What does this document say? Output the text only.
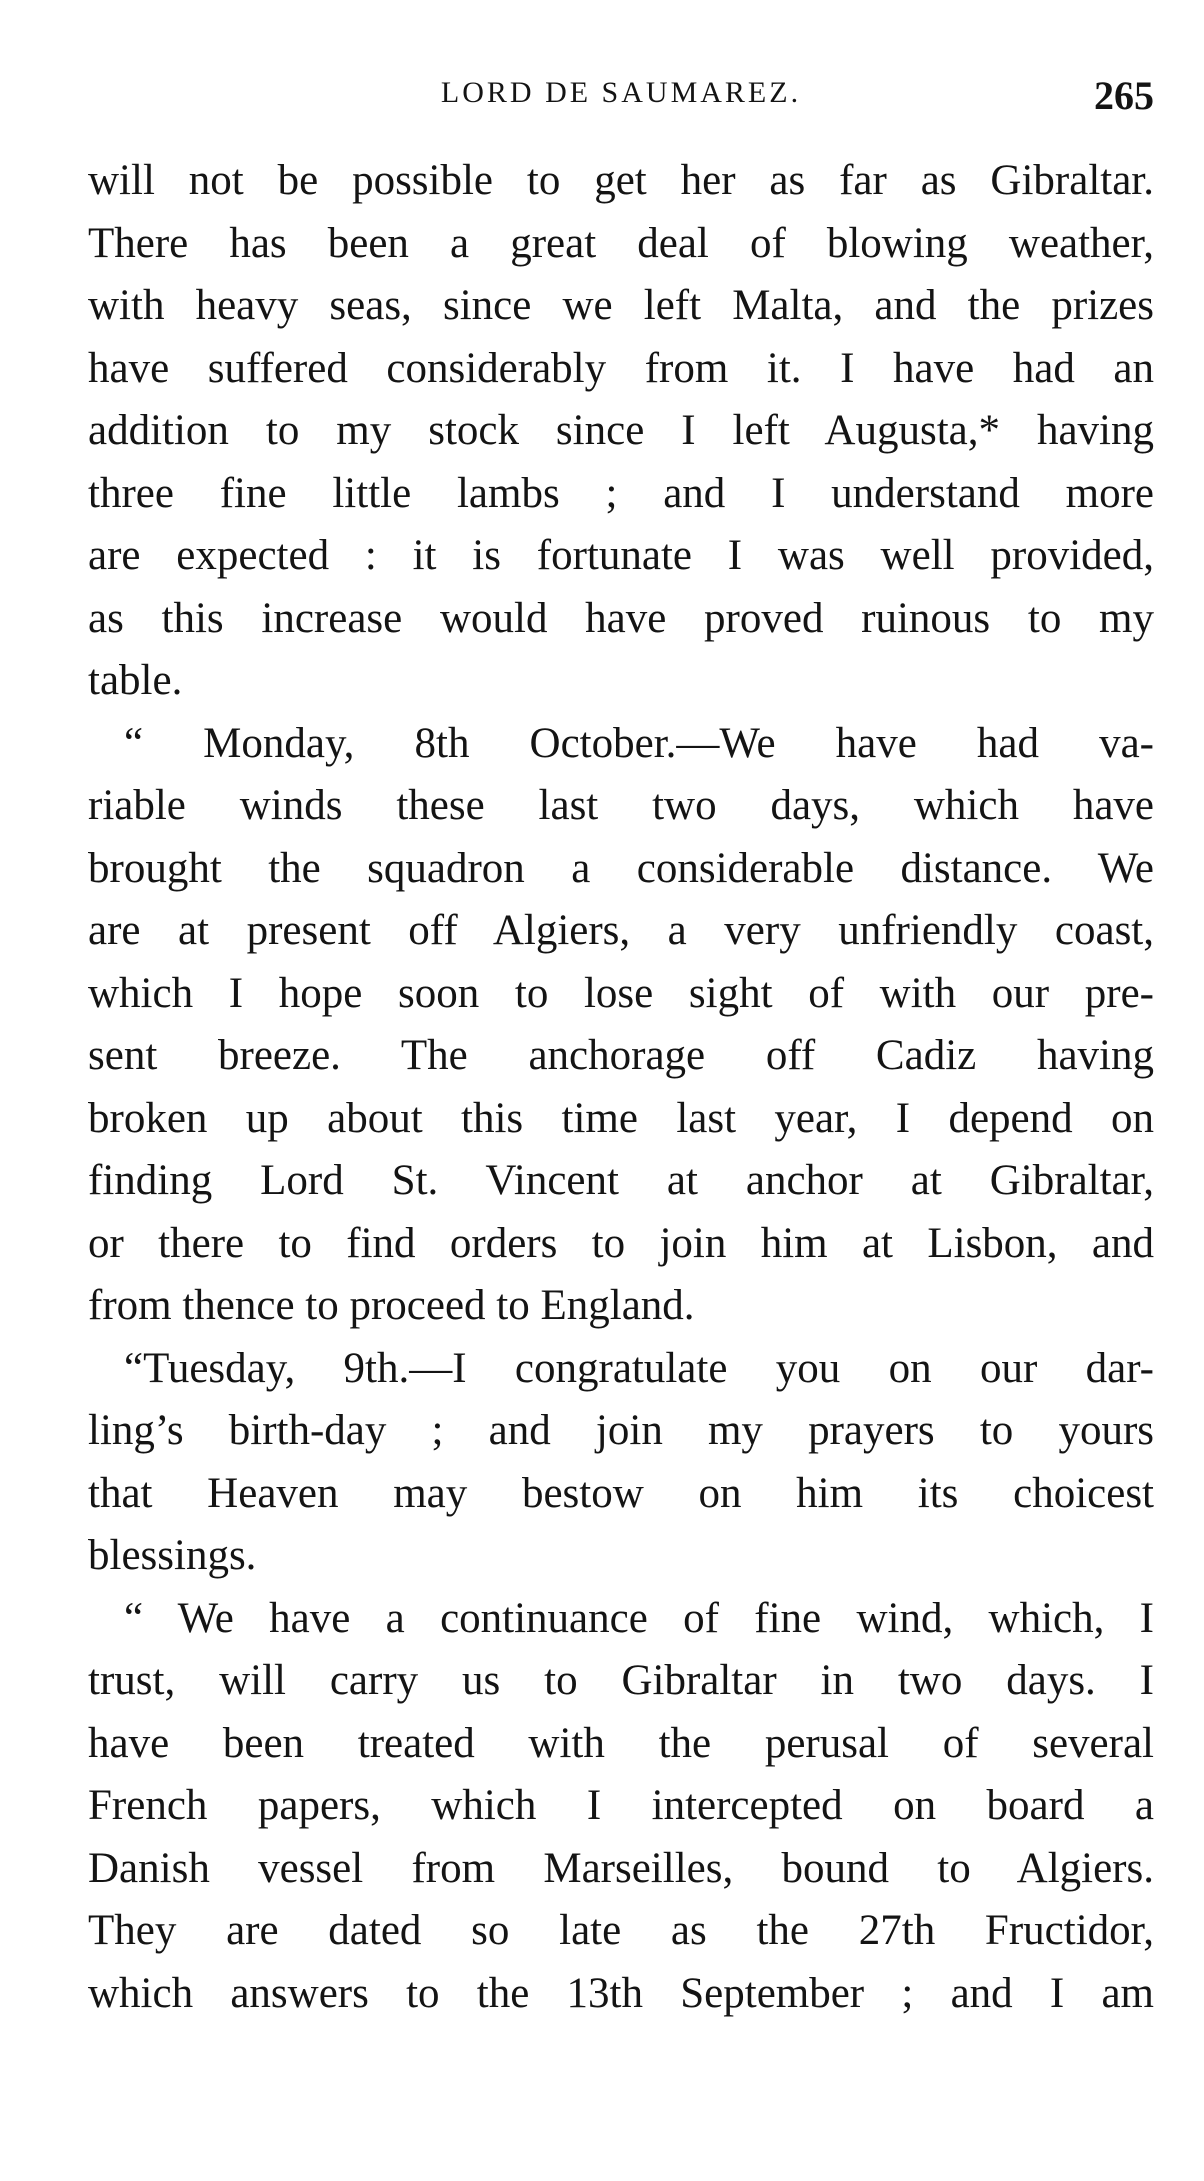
LORD DE SAUMAREZ.	265
will not be possible to get her as far as Gibraltar.
There has been a great deal of blowing weather,
with heavy seas, since we left Malta, and the prizes
have suffered considerably from it. I have had an
addition to my stock since I left Augusta,* having
three fine little lambs ; and I understand more
are expected : it is fortunate I was well provided,
as this increase would have proved ruinous to my
table.
“ Monday, 8th October.—We have had va-
riable winds these last two days, which have
brought the squadron a considerable distance. We
are at present off Algiers, a very unfriendly coast,
which I hope soon to lose sight of with our pre-
sent breeze. The anchorage off Cadiz having
broken up about this time last year, I depend on
finding Lord St. Vincent at anchor at Gibraltar,
or there to find orders to join him at Lisbon, and
from thence to proceed to England.
“Tuesday, 9th.—I congratulate you on our dar-
ling’s birth-day ; and join my prayers to yours
that Heaven may bestow on him its choicest
blessings.
“ We have a continuance of fine wind, which, I
trust, will carry us to Gibraltar in two days. I
have been treated with the perusal of several
French papers, which I intercepted on board a
Danish vessel from Marseilles, bound to Algiers.
They are dated so late as the 27th Fructidor,
which answers to the 13th September ; and I am
